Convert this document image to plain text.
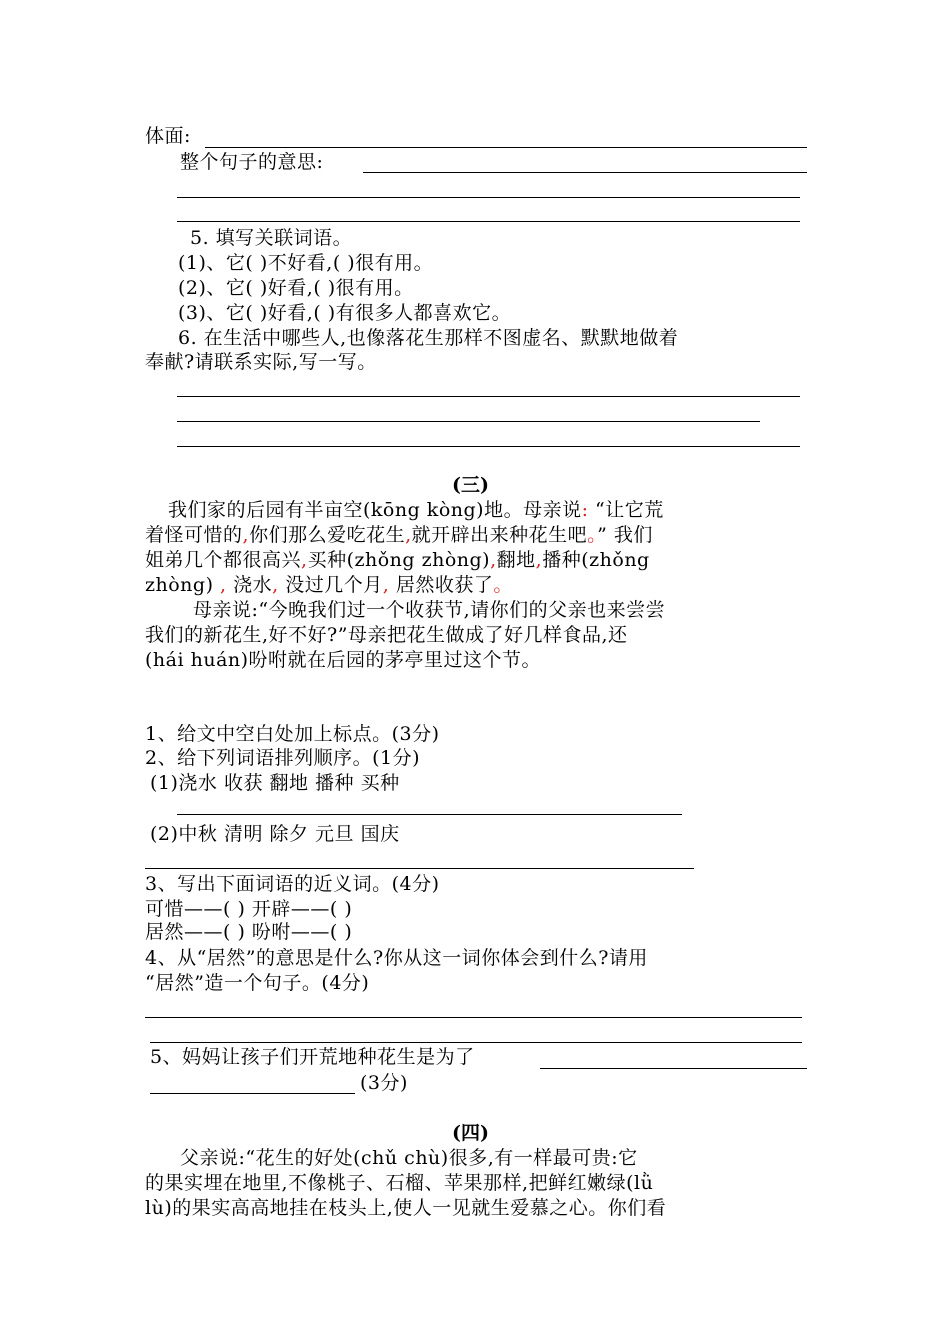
体面:
整个句子的意思:
5. 填写关联词语。
(1)、它( )不好看,( )很有用。
(2)、它( )好看,( )很有用。
(3)、它( )好看,( )有很多人都喜欢它。
6. 在生活中哪些人,也像落花生那样不图虚名、默默地做着
奉献?请联系实际,写一写。
(三)
我们家的后园有半亩空(kōng kòng)地。母亲说: “让它荒
着怪可惜的,你们那么爱吃花生,就开辟出来种花生吧。” 我们
姐弟几个都很高兴,买种(zhǒng zhòng),翻地,播种(zhǒng
zhòng) , 浇水, 没过几个月, 居然收获了。
母亲说:“今晚我们过一个收获节,请你们的父亲也来尝尝
我们的新花生,好不好?”母亲把花生做成了好几样食品,还
(hái huán)吩咐就在后园的茅亭里过这个节。
1、给文中空白处加上标点。(3分)
2、给下列词语排列顺序。(1分)
(1)浇水 收获 翻地 播种 买种
(2)中秋 清明 除夕 元旦 国庆
3、写出下面词语的近义词。(4分)
可惜——( ) 开辟——( )
居然——( ) 吩咐——( )
4、从“居然”的意思是什么?你从这一词你体会到什么?请用
“居然”造一个句子。(4分)
5、妈妈让孩子们开荒地种花生是为了
(3分)
(四)
父亲说:“花生的好处(chǔ chù)很多,有一样最可贵:它
的果实埋在地里,不像桃子、石榴、苹果那样,把鲜红嫩绿(lǜ
lù)的果实高高地挂在枝头上,使人一见就生爱慕之心。你们看
